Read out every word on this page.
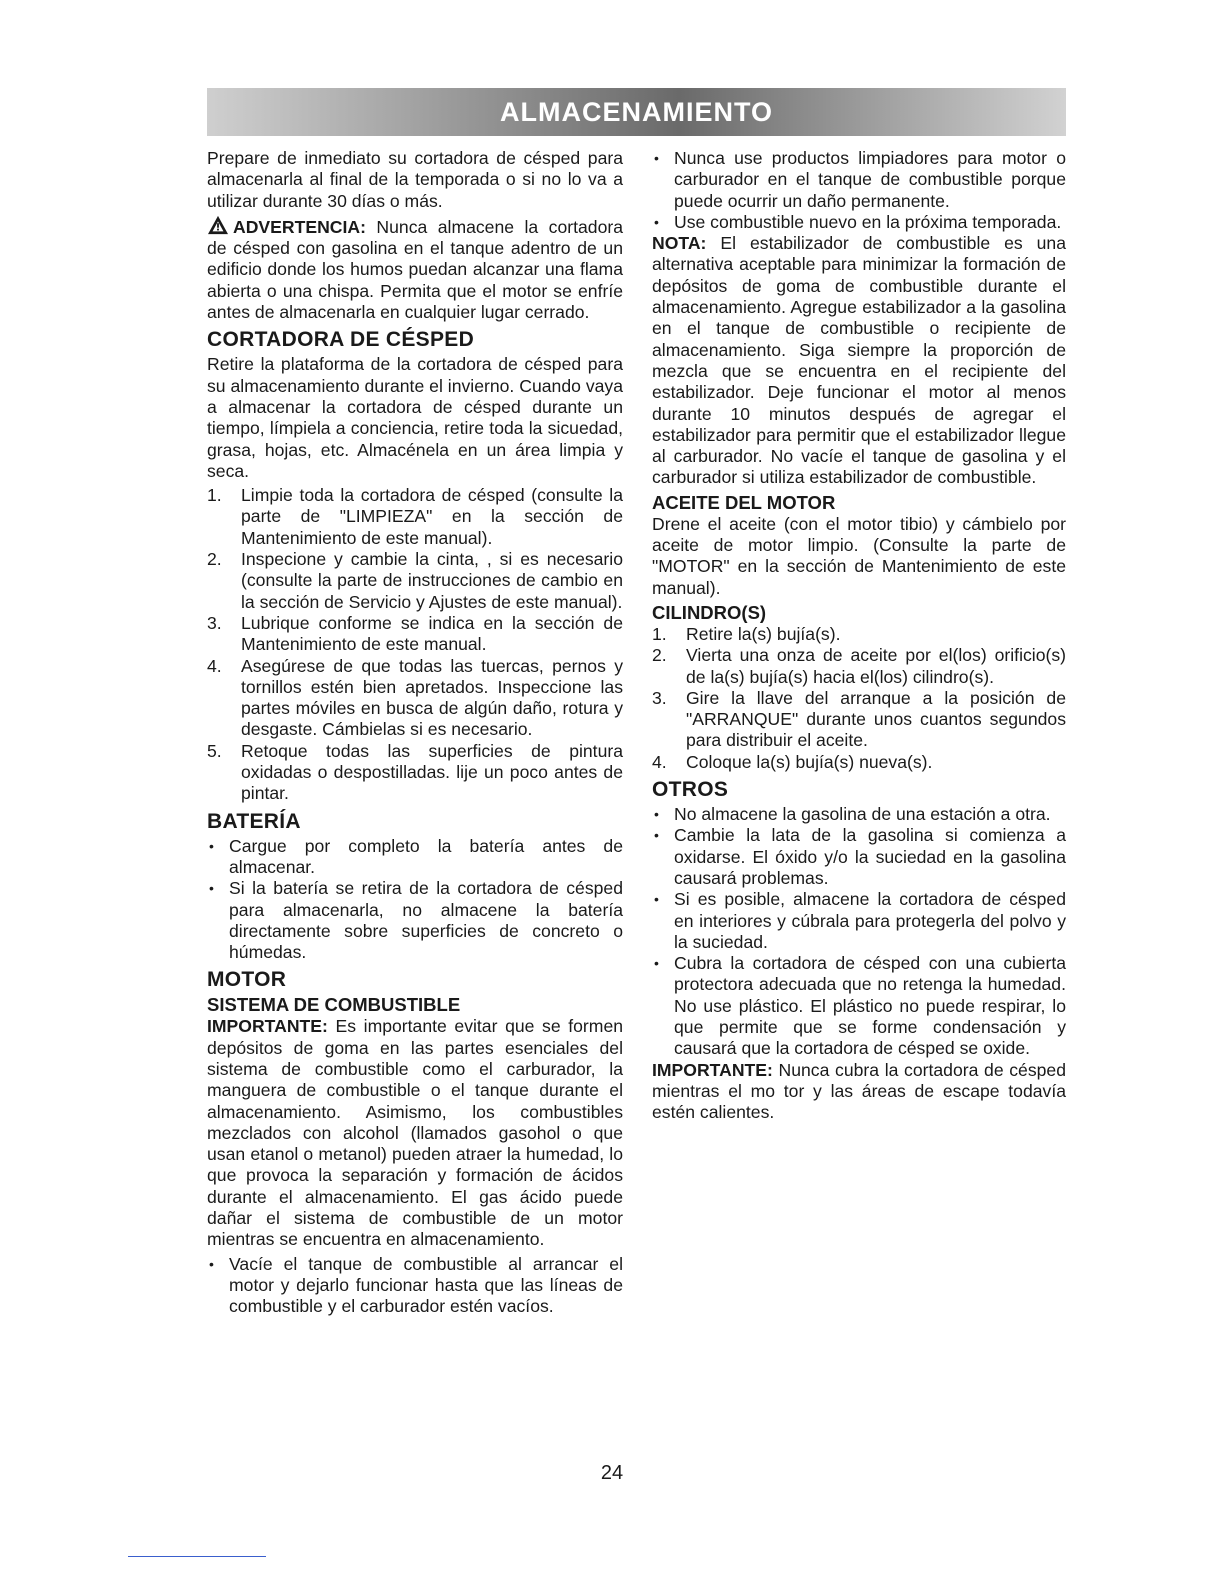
ALMACENAMIENTO

Prepare de inmediato su cortadora de césped para almacenarla al final de la temporada o si no lo va a utilizar durante 30 días o más.

ADVERTENCIA: Nunca almacene la cortadora de césped con gasolina en el tanque adentro de un edificio donde los humos puedan alcanzar una flama abierta o una chispa. Permita que el motor se enfríe antes de almacenarla en cualquier lugar cerrado.

CORTADORA DE CÉSPED

Retire la plataforma de la cortadora de césped para su almacenamiento durante el invierno. Cuando vaya a almacenar la cortadora de césped durante un tiempo, límpiela a conciencia, retire toda la sicuedad, grasa, hojas, etc. Almacénela en un área limpia y seca.

1. Limpie toda la cortadora de césped (consulte la parte de "LIMPIEZA" en la sección de Mantenimiento de este manual).
2. Inspecione y cambie la cinta, , si es necesario (consulte la parte de instrucciones de cambio en la sección de Servicio y Ajustes de este manual).
3. Lubrique conforme se indica en la sección de Mantenimiento de este manual.
4. Asegúrese de que todas las tuercas, pernos y tornillos estén bien apretados. Inspeccione las partes móviles en busca de algún daño, rotura y desgaste. Cámbielas si es necesario.
5. Retoque todas las superficies de pintura oxidadas o despostilladas. lije un poco antes de pintar.
BATERÍA
• Cargue por completo la batería antes de almacenar.
• Si la batería se retira de la cortadora de césped para almacenarla, no almacene la batería directamente sobre superficies de concreto o húmedas.
MOTOR
SISTEMA DE COMBUSTIBLE

IMPORTANTE: Es importante evitar que se formen depósitos de goma en las partes esenciales del sistema de combustible como el carburador, la manguera de combustible o el tanque durante el almacenamiento. Asimismo, los combustibles mezclados con alcohol (llamados gasohol o que usan etanol o metanol) pueden atraer la humedad, lo que provoca la separación y formación de ácidos durante el almacenamiento. El gas ácido puede dañar el sistema de combustible de un motor mientras se encuentra en almacenamiento.

• Vacíe el tanque de combustible al arrancar el motor y dejarlo funcionar hasta que las líneas de combustible y el carburador estén vacíos.
• Nunca use productos limpiadores para motor o carburador en el tanque de combustible porque puede ocurrir un daño permanente.
• Use combustible nuevo en la próxima temporada.

NOTA: El estabilizador de combustible es una alternativa aceptable para minimizar la formación de depósitos de goma de combustible durante el almacenamiento. Agregue estabilizador a la gasolina en el tanque de combustible o recipiente de almacenamiento. Siga siempre la proporción de mezcla que se encuentra en el recipiente del estabilizador. Deje funcionar el motor al menos durante 10 minutos después de agregar el estabilizador para permitir que el estabilizador llegue al carburador. No vacíe el tanque de gasolina y el carburador si utiliza estabilizador de combustible.

ACEITE DEL MOTOR

Drene el aceite (con el motor tibio) y cámbielo por aceite de motor limpio. (Consulte la parte de "MOTOR" en la sección de Mantenimiento de este manual).

CILINDRO(S)
1. Retire la(s) bujía(s).
2. Vierta una onza de aceite por el(los) orificio(s) de la(s) bujía(s) hacia el(los) cilindro(s).
3. Gire la llave del arranque a la posición de "ARRANQUE" durante unos cuantos segundos para distribuir el aceite.
4. Coloque la(s) bujía(s) nueva(s).
OTROS
• No almacene la gasolina de una estación a otra.
• Cambie la lata de la gasolina si comienza a oxidarse. El óxido y/o la suciedad en la gasolina causará problemas.
• Si es posible, almacene la cortadora de césped en interiores y cúbrala para protegerla del polvo y la suciedad.
• Cubra la cortadora de césped con una cubierta protectora adecuada que no retenga la humedad. No use plástico. El plástico no puede respirar, lo que permite que se forme condensación y causará que la cortadora de césped se oxide.

IMPORTANTE: Nunca cubra la cortadora de césped mientras el mo tor y las áreas de escape todavía estén calientes.

24
